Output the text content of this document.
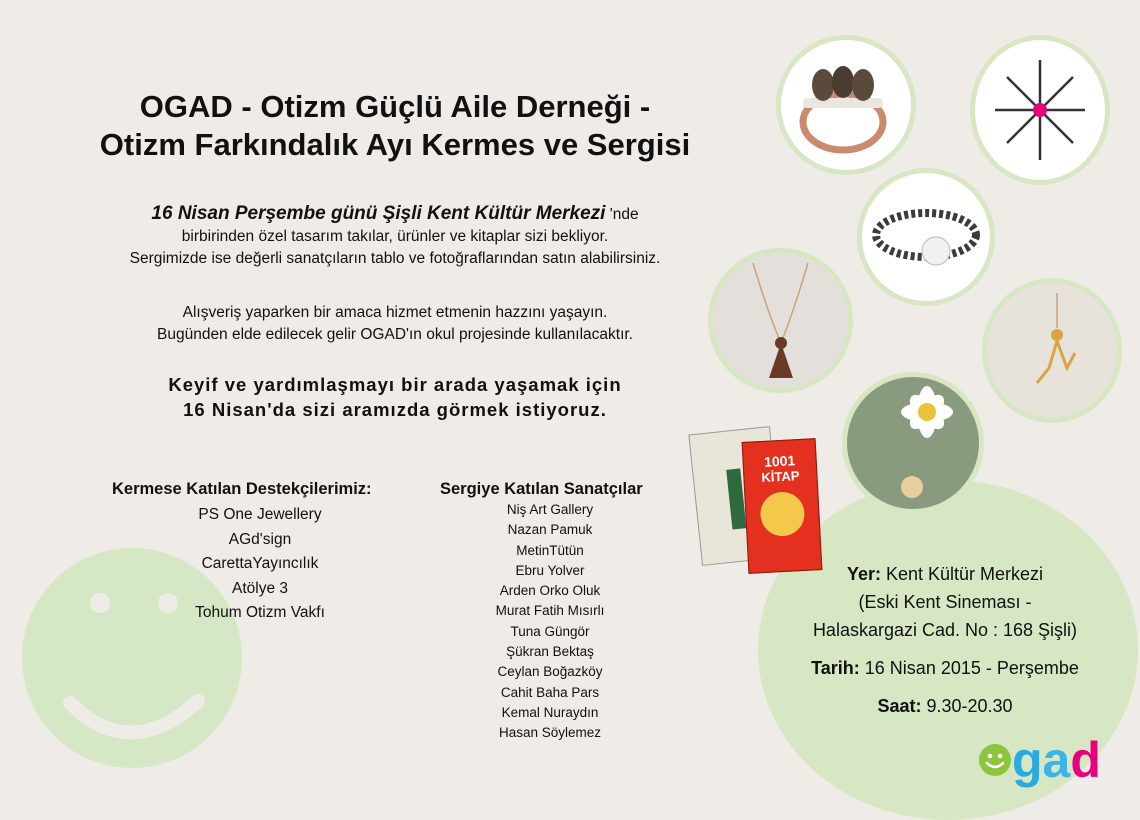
OGAD - Otizm Güçlü Aile Derneği -
Otizm Farkındalık Ayı Kermes ve Sergisi
16 Nisan Perşembe günü Şişli Kent Kültür Merkezi 'nde
birbirinden özel tasarım takılar, ürünler ve kitaplar sizi bekliyor.
Sergimizde ise değerli sanatçıların tablo ve fotoğraflarından satın alabilirsiniz.
Alışveriş yaparken bir amaca hizmet etmenin hazzını yaşayın.
Bugünden elde edilecek gelir OGAD'ın okul projesinde kullanılacaktır.
Keyif ve yardımlaşmayı bir arada yaşamak için
16 Nisan'da sizi aramızda görmek istiyoruz.
Kermese Katılan Destekçilerimiz:
PS One Jewellery
AGd'sign
CarettaYayıncılık
Atölye 3
Tohum Otizm Vakfı
Sergiye Katılan Sanatçılar
Niş Art Gallery
Nazan Pamuk
MetinTütün
Ebru Yolver
Arden Orko Oluk
Murat Fatih Mısırlı
Tuna Güngör
Şükran Bektaş
Ceylan Boğazköy
Cahit Baha Pars
Kemal Nuraydın
Hasan Söylemez
1001
KİTAP
Yer: Kent Kültür Merkezi
(Eski Kent Sineması -
Halaskargazi Cad. No : 168 Şişli)
Tarih: 16 Nisan 2015 - Perşembe
Saat: 9.30-20.30
g a d
